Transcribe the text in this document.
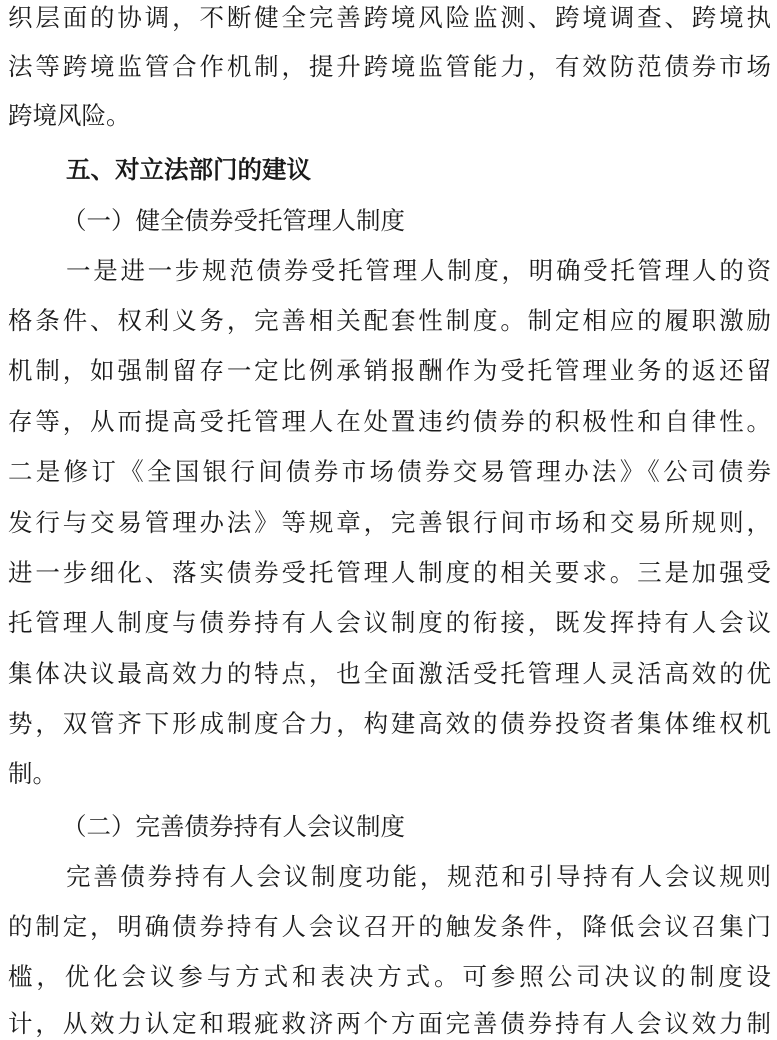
织层面的协调，不断健全完善跨境风险监测、跨境调查、跨境执
法等跨境监管合作机制，提升跨境监管能力，有效防范债券市场
跨境风险。
五、对立法部门的建议
（一）健全债券受托管理人制度
一是进一步规范债券受托管理人制度，明确受托管理人的资
格条件、权利义务，完善相关配套性制度。制定相应的履职激励
机制，如强制留存一定比例承销报酬作为受托管理业务的返还留
存等，从而提高受托管理人在处置违约债券的积极性和自律性。
二是修订《全国银行间债券市场债券交易管理办法》《公司债券
发行与交易管理办法》等规章，完善银行间市场和交易所规则，
进一步细化、落实债券受托管理人制度的相关要求。三是加强受
托管理人制度与债券持有人会议制度的衔接，既发挥持有人会议
集体决议最高效力的特点，也全面激活受托管理人灵活高效的优
势，双管齐下形成制度合力，构建高效的债券投资者集体维权机
制。
（二）完善债券持有人会议制度
完善债券持有人会议制度功能，规范和引导持有人会议规则
的制定，明确债券持有人会议召开的触发条件，降低会议召集门
槛，优化会议参与方式和表决方式。可参照公司决议的制度设
计，从效力认定和瑕疵救济两个方面完善债券持有人会议效力制
